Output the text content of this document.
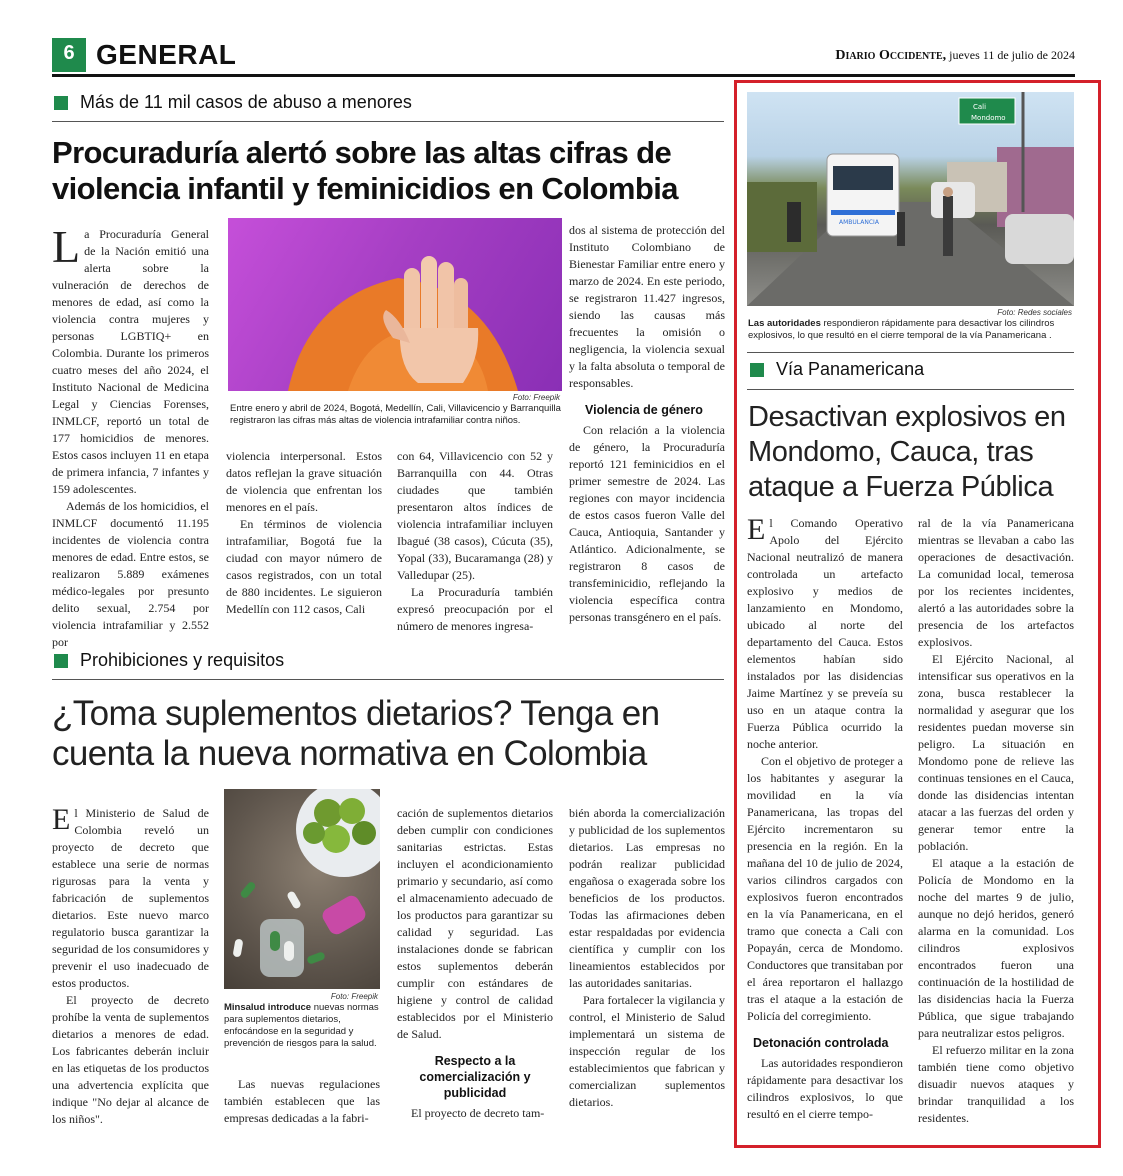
6 GENERAL	Diario Occidente, jueves 11 de julio de 2024
Más de 11 mil casos de abuso a menores
Procuraduría alertó sobre las altas cifras de
violencia infantil y feminicidios en Colombia
Foto: Freepik
Entre enero y abril de 2024, Bogotá, Medellín, Cali, Villavicencio y Barranquilla registraron las cifras más altas de violencia intrafamiliar contra niños.

La Procuraduría General de la Nación emitió una alerta sobre la vulneración de derechos de menores de edad, así como la violencia contra mujeres y personas LGBTIQ+ en Colombia. Durante los primeros cuatro meses del año 2024, el Instituto Nacional de Medicina Legal y Ciencias Forenses, INMLCF, reportó un total de 177 homicidios de menores. Estos casos incluyen 11 en etapa de primera infancia, 7 infantes y 159 adolescentes.

Además de los homicidios, el INMLCF documentó 11.195 incidentes de violencia contra menores de edad. Entre estos, se realizaron 5.889 exámenes médico-legales por presunto delito sexual, 2.754 por violencia intrafamiliar y 2.552 por

violencia interpersonal. Estos datos reflejan la grave situación de violencia que enfrentan los menores en el país.

En términos de violencia intrafamiliar, Bogotá fue la ciudad con mayor número de casos registrados, con un total de 880 incidentes. Le siguieron Medellín con 112 casos, Cali

con 64, Villavicencio con 52 y Barranquilla con 44. Otras ciudades que también presentaron altos índices de violencia intrafamiliar incluyen Ibagué (38 casos), Cúcuta (35), Yopal (33), Bucaramanga (28) y Valledupar (25).

La Procuraduría también expresó preocupación por el número de menores ingresa-

dos al sistema de protección del Instituto Colombiano de Bienestar Familiar entre enero y marzo de 2024. En este periodo, se registraron 11.427 ingresos, siendo las causas más frecuentes la omisión o negligencia, la violencia sexual y la falta absoluta o temporal de responsables.

Violencia de género

Con relación a la violencia de género, la Procuraduría reportó 121 feminicidios en el primer semestre de 2024. Las regiones con mayor incidencia de estos casos fueron Valle del Cauca, Antioquia, Santander y Atlántico. Adicionalmente, se registraron 8 casos de transfeminicidio, reflejando la violencia específica contra personas transgénero en el país.

Prohibiciones y requisitos
¿Toma suplementos dietarios? Tenga en
cuenta la nueva normativa en Colombia
Foto: Freepik
Minsalud introduce nuevas normas para suplementos dietarios, enfocándose en la seguridad y prevención de riesgos para la salud.

El Ministerio de Salud de Colombia reveló un proyecto de decreto que establece una serie de normas rigurosas para la venta y fabricación de suplementos dietarios. Este nuevo marco regulatorio busca garantizar la seguridad de los consumidores y prevenir el uso inadecuado de estos productos.

El proyecto de decreto prohíbe la venta de suplementos dietarios a menores de edad. Los fabricantes deberán incluir en las etiquetas de los productos una advertencia explícita que indique "No dejar al alcance de los niños".

Las nuevas regulaciones también establecen que las empresas dedicadas a la fabri-

cación de suplementos dietarios deben cumplir con condiciones sanitarias estrictas. Estas incluyen el acondicionamiento primario y secundario, así como el almacenamiento adecuado de los productos para garantizar su calidad y seguridad. Las instalaciones donde se fabrican estos suplementos deberán cumplir con estándares de higiene y control de calidad establecidos por el Ministerio de Salud.

Respecto a la comercialización y publicidad

El proyecto de decreto tam-

bién aborda la comercialización y publicidad de los suplementos dietarios. Las empresas no podrán realizar publicidad engañosa o exagerada sobre los beneficios de los productos. Todas las afirmaciones deben estar respaldadas por evidencia científica y cumplir con los lineamientos establecidos por las autoridades sanitarias.

Para fortalecer la vigilancia y control, el Ministerio de Salud implementará un sistema de inspección regular de los establecimientos que fabrican y comercializan suplementos dietarios.

Cali
Mondomo
AMBULANCIA
Foto: Redes sociales
Las autoridades respondieron rápidamente para desactivar los cilindros explosivos, lo que resultó en el cierre temporal de la vía Panamericana .
Vía Panamericana
Desactivan explosivos en
Mondomo, Cauca, tras
ataque a Fuerza Pública

El Comando Operativo Apolo del Ejército Nacional neutralizó de manera controlada un artefacto explosivo y medios de lanzamiento en Mondomo, ubicado al norte del departamento del Cauca. Estos elementos habían sido instalados por las disidencias Jaime Martínez y se preveía su uso en un ataque contra la Fuerza Pública ocurrido la noche anterior.

Con el objetivo de proteger a los habitantes y asegurar la movilidad en la vía Panamericana, las tropas del Ejército incrementaron su presencia en la región. En la mañana del 10 de julio de 2024, varios cilindros cargados con explosivos fueron encontrados en la vía Panamericana, en el tramo que conecta a Cali con Popayán, cerca de Mondomo. Conductores que transitaban por el área reportaron el hallazgo tras el ataque a la estación de Policía del corregimiento.

Detonación controlada

Las autoridades respondieron rápidamente para desactivar los cilindros explosivos, lo que resultó en el cierre tempo-

ral de la vía Panamericana mientras se llevaban a cabo las operaciones de desactivación. La comunidad local, temerosa por los recientes incidentes, alertó a las autoridades sobre la presencia de los artefactos explosivos.

El Ejército Nacional, al intensificar sus operativos en la zona, busca restablecer la normalidad y asegurar que los residentes puedan moverse sin peligro. La situación en Mondomo pone de relieve las continuas tensiones en el Cauca, donde las disidencias intentan atacar a las fuerzas del orden y generar temor entre la población.

El ataque a la estación de Policía de Mondomo en la noche del martes 9 de julio, aunque no dejó heridos, generó alarma en la comunidad. Los cilindros explosivos encontrados fueron una continuación de la hostilidad de las disidencias hacia la Fuerza Pública, que sigue trabajando para neutralizar estos peligros.

El refuerzo militar en la zona también tiene como objetivo disuadir nuevos ataques y brindar tranquilidad a los residentes.
